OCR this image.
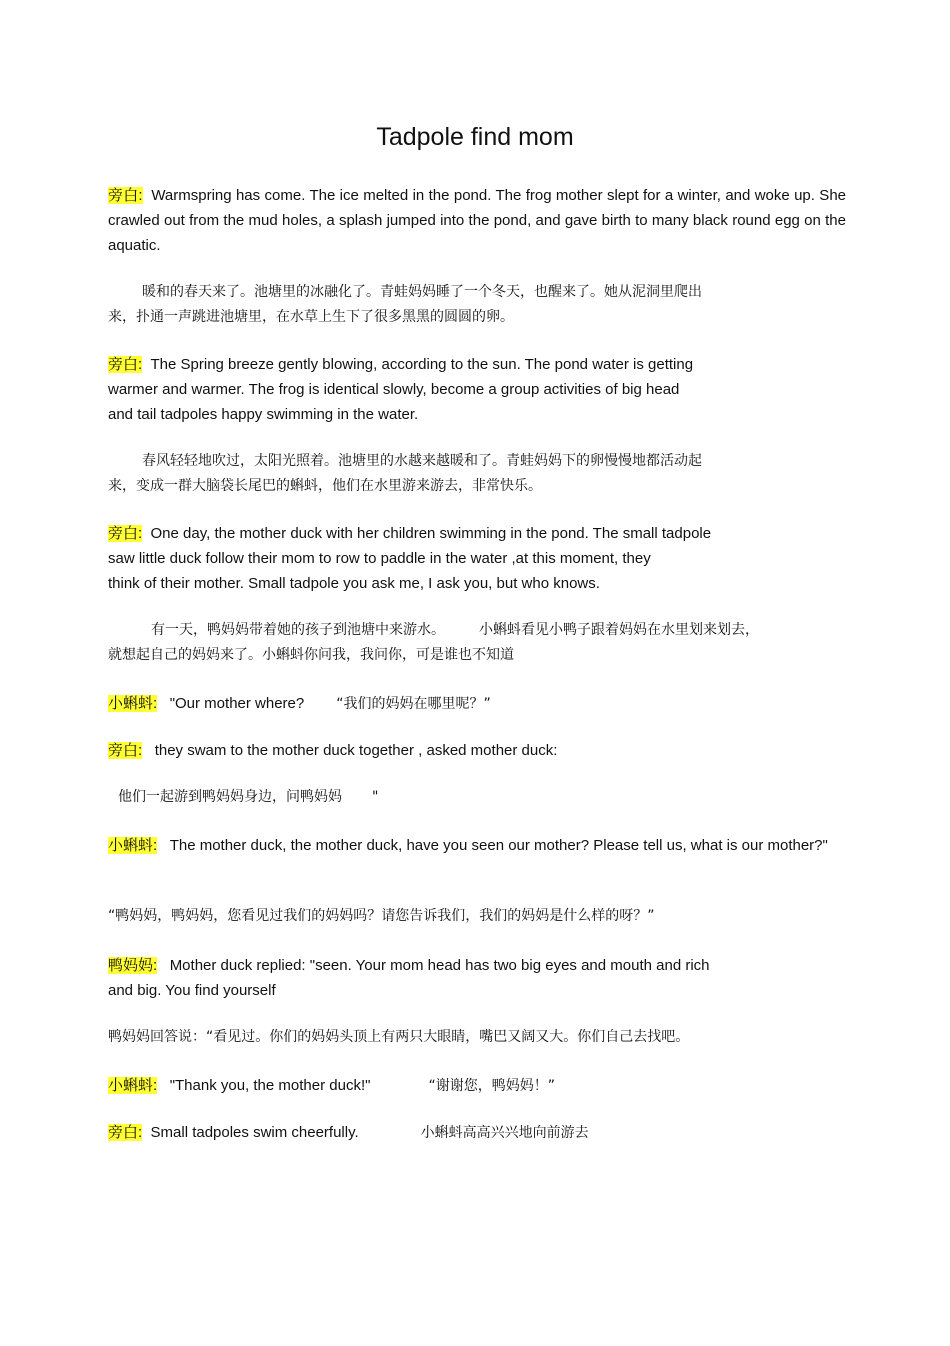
Tadpole find mom
旁白: Warmspring has come. The ice melted in the pond. The frog mother slept for a winter, and woke up. She crawled out from the mud holes, a splash jumped into the pond, and gave birth to many black round egg on the aquatic.
暖和的春天来了。池塘里的冰融化了。青蛙妈妈睡了一个冬天，也醒来了。她从泥洞里爬出
来，扑通一声跳进池塘里，在水草上生下了很多黑黑的圆圆的卵。
旁白: The Spring breeze gently blowing, according to the sun. The pond water is getting
warmer and warmer. The frog is identical slowly, become a group activities of big head
and tail tadpoles happy swimming in the water.
春风轻轻地吹过，太阳光照着。池塘里的水越来越暖和了。青蛙妈妈下的卵慢慢地都活动起
来，变成一群大脑袋长尾巴的蝌蚪，他们在水里游来游去，非常快乐。
旁白: One day, the mother duck with her children swimming in the pond. The small tadpole
saw little duck follow their mom to row to paddle in the water ,at this moment, they
think of their mother. Small tadpole you ask me, I ask you, but who knows.
有一天，鸭妈妈带着她的孩子到池塘中来游水。 小蝌蚪看见小鸭子跟着妈妈在水里划来划去，
就想起自己的妈妈来了。小蝌蚪你问我，我问你，可是谁也不知道
小蝌蚪: "Our mother where? “我们的妈妈在哪里呢？”
旁白: they swam to the mother duck together , asked mother duck:
他们一起游到鸭妈妈身边，问鸭妈妈 "
小蝌蚪: The mother duck, the mother duck, have you seen our mother? Please tell us, what is our mother?"
“鸭妈妈，鸭妈妈，您看见过我们的妈妈吗？请您告诉我们，我们的妈妈是什么样的呀？”
鸭妈妈: Mother duck replied: "seen. Your mom head has two big eyes and mouth and rich
and big. You find yourself
鸭妈妈回答说：“看见过。你们的妈妈头顶上有两只大眼睛，嘴巴又阔又大。你们自己去找吧。
小蝌蚪: "Thank you, the mother duck!"	“谢谢您，鸭妈妈！”
旁白: Small tadpoles swim cheerfully.	小蝌蚪高高兴兴地向前游去
